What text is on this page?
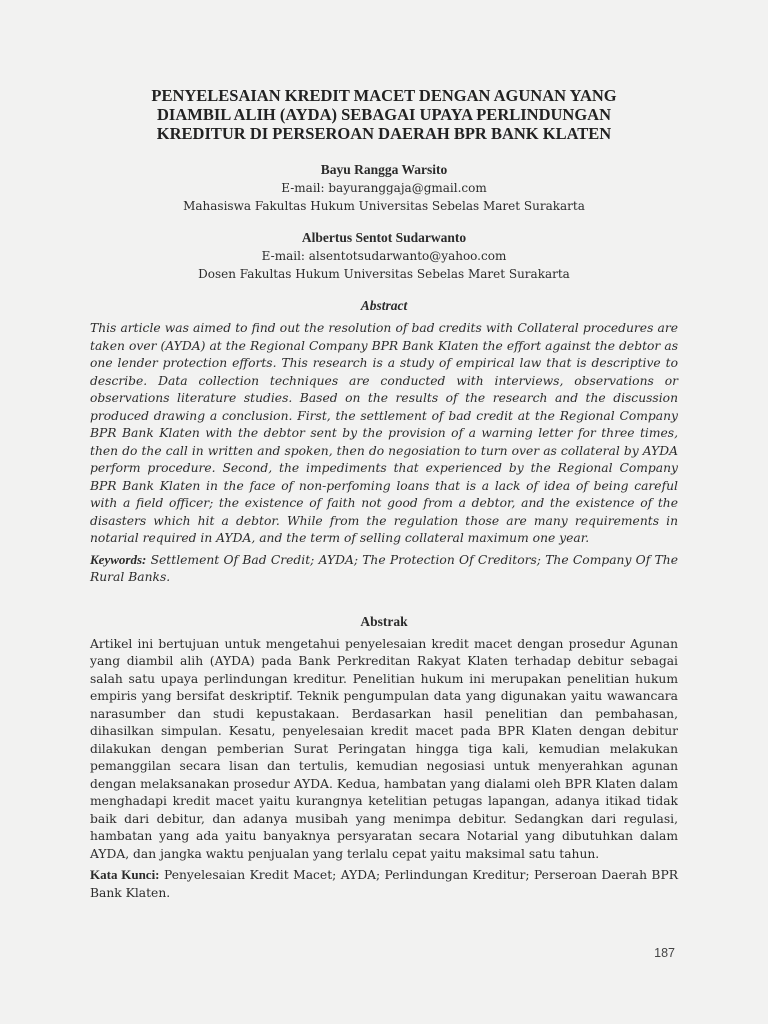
PENYELESAIAN KREDIT MACET DENGAN AGUNAN YANG
DIAMBIL ALIH (AYDA) SEBAGAI UPAYA PERLINDUNGAN
KREDITUR DI PERSEROAN DAERAH BPR BANK KLATEN
Bayu Rangga Warsito
E-mail: bayuranggaja@gmail.com
Mahasiswa Fakultas Hukum Universitas Sebelas Maret Surakarta
Albertus Sentot Sudarwanto
E-mail: alsentotsudarwanto@yahoo.com
Dosen Fakultas Hukum Universitas Sebelas Maret Surakarta
Abstract
This article was aimed to find out the resolution of bad credits with Collateral procedures are taken over (AYDA) at the Regional Company BPR Bank Klaten the effort against the debtor as one lender protection efforts. This research is a study of empirical law that is descriptive to describe. Data collection techniques are conducted with interviews, observations or observations literature studies. Based on the results of the research and the discussion produced drawing a conclusion. First, the settlement of bad credit at the Regional Company BPR Bank Klaten with the debtor sent by the provision of a warning letter for three times, then do the call in written and spoken, then do negosiation to turn over as collateral by AYDA perform procedure. Second, the impediments that experienced by the Regional Company BPR Bank Klaten in the face of non-perfoming loans that is a lack of idea of being careful with a field officer; the existence of faith not good from a debtor, and the existence of the disasters which hit a debtor. While from the regulation those are many requirements in notarial required in AYDA, and the term of selling collateral maximum one year.
Keywords: Settlement Of Bad Credit; AYDA; The Protection Of Creditors; The Company Of The Rural Banks.
Abstrak
Artikel ini bertujuan untuk mengetahui penyelesaian kredit macet dengan prosedur Agunan yang diambil alih (AYDA) pada Bank Perkreditan Rakyat Klaten terhadap debitur sebagai salah satu upaya perlindungan kreditur. Penelitian hukum ini merupakan penelitian hukum empiris yang bersifat deskriptif. Teknik pengumpulan data yang digunakan yaitu wawancara narasumber dan studi kepustakaan. Berdasarkan hasil penelitian dan pembahasan, dihasilkan simpulan. Kesatu, penyelesaian kredit macet pada BPR Klaten dengan debitur dilakukan dengan pemberian Surat Peringatan hingga tiga kali, kemudian melakukan pemanggilan secara lisan dan tertulis, kemudian negosiasi untuk menyerahkan agunan dengan melaksanakan prosedur AYDA. Kedua, hambatan yang dialami oleh BPR Klaten dalam menghadapi kredit macet yaitu kurangnya ketelitian petugas lapangan, adanya itikad tidak baik dari debitur, dan adanya musibah yang menimpa debitur. Sedangkan dari regulasi, hambatan yang ada yaitu banyaknya persyaratan secara Notarial yang dibutuhkan dalam AYDA, dan jangka waktu penjualan yang terlalu cepat yaitu maksimal satu tahun.
Kata Kunci: Penyelesaian Kredit Macet; AYDA; Perlindungan Kreditur; Perseroan Daerah BPR Bank Klaten.
187
